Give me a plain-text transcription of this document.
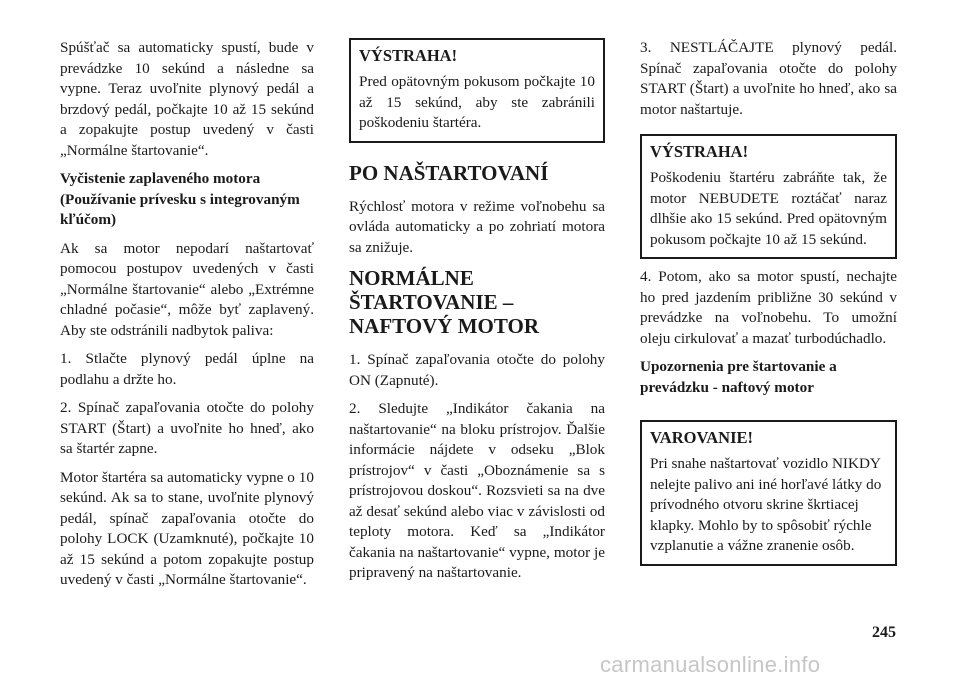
Spúšťač sa automaticky spustí, bude v prevádzke 10 sekúnd a následne sa vypne. Teraz uvoľnite plynový pedál a brzdový pedál, počkajte 10 až 15 sekúnd a zopakujte postup uvedený v časti „Normálne štartovanie“.

Vyčistenie zaplaveného motora (Používanie prívesku s integrovaným kľúčom)

Ak sa motor nepodarí naštartovať pomocou postupov uvedených v časti „Normálne štartovanie“ alebo „Extrémne chladné počasie“, môže byť zaplavený. Aby ste odstránili nadbytok paliva:

1. Stlačte plynový pedál úplne na podlahu a držte ho.

2. Spínač zapaľovania otočte do polohy START (Štart) a uvoľnite ho hneď, ako sa štartér zapne.

Motor štartéra sa automaticky vypne o 10 sekúnd. Ak sa to stane, uvoľnite plynový pedál, spínač zapaľovania otočte do polohy LOCK (Uzamknuté), počkajte 10 až 15 sekúnd a potom zopakujte postup uvedený v časti „Normálne štartovanie“.

VÝSTRAHA!

Pred opätovným pokusom počkajte 10 až 15 sekúnd, aby ste zabránili poškodeniu štartéra.

PO NAŠTARTOVANÍ

Rýchlosť motora v režime voľnobehu sa ovláda automaticky a po zohriatí motora sa znižuje.

NORMÁLNE ŠTARTOVANIE – NAFTOVÝ MOTOR

1. Spínač zapaľovania otočte do polohy ON (Zapnuté).

2. Sledujte „Indikátor čakania na naštartovanie“ na bloku prístrojov. Ďalšie informácie nájdete v odseku „Blok prístrojov“ v časti „Oboznámenie sa s prístrojovou doskou“. Rozsvieti sa na dve až desať sekúnd alebo viac v závislosti od teploty motora. Keď sa „Indikátor čakania na naštartovanie“ vypne, motor je pripravený na naštartovanie.

3. NESTLÁČAJTE plynový pedál. Spínač zapaľovania otočte do polohy START (Štart) a uvoľnite ho hneď, ako sa motor naštartuje.

VÝSTRAHA!

Poškodeniu štartéru zabráňte tak, že motor NEBUDETE roztáčať naraz dlhšie ako 15 sekúnd. Pred opätovným pokusom počkajte 10 až 15 sekúnd.

4. Potom, ako sa motor spustí, nechajte ho pred jazdením približne 30 sekúnd v prevádzke na voľnobehu. To umožní oleju cirkulovať a mazať turbodúchadlo.

Upozornenia pre štartovanie a prevádzku - naftový motor

VAROVANIE!

Pri snahe naštartovať vozidlo NIKDY nelejte palivo ani iné horľavé látky do prívodného otvoru skrine škrtiacej klapky. Mohlo by to spôsobiť rýchle vzplanutie a vážne zranenie osôb.

245
carmanualsonline.info
